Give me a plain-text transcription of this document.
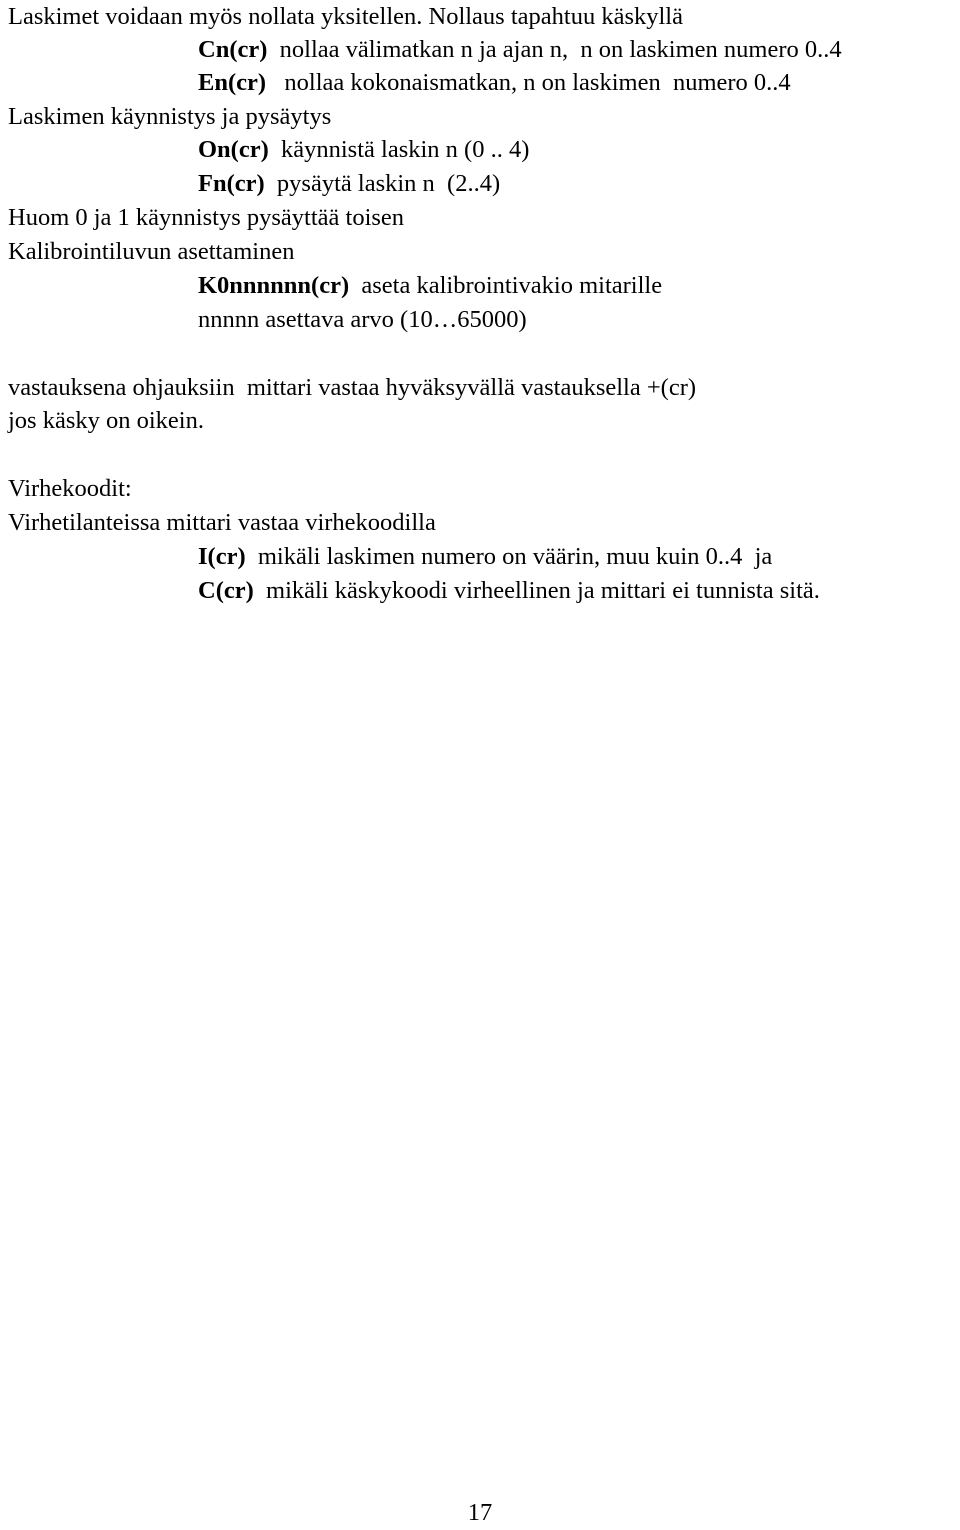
Laskimet voidaan myös nollata yksitellen. Nollaus tapahtuu käskyllä

Cn(cr) nollaa välimatkan n ja ajan n,  n on laskimen numero 0..4

En(cr)   nollaa kokonaismatkan, n on laskimen  numero 0..4

Laskimen käynnistys ja pysäytys

On(cr) käynnistä laskin n (0 .. 4)

Fn(cr) pysäytä laskin n  (2..4)

Huom 0 ja 1 käynnistys pysäyttää toisen

Kalibrointiluvun asettaminen

K0nnnnnn(cr) aseta kalibrointivakio mitarille

nnnnn asettava arvo (10…65000)

vastauksena ohjauksiin  mittari vastaa hyväksyvällä vastauksella +(cr)

jos käsky on oikein.

Virhekoodit:

Virhetilanteissa mittari vastaa virhekoodilla

I(cr) mikäli laskimen numero on väärin, muu kuin 0..4  ja

C(cr) mikäli käskykoodi virheellinen ja mittari ei tunnista sitä.

17
